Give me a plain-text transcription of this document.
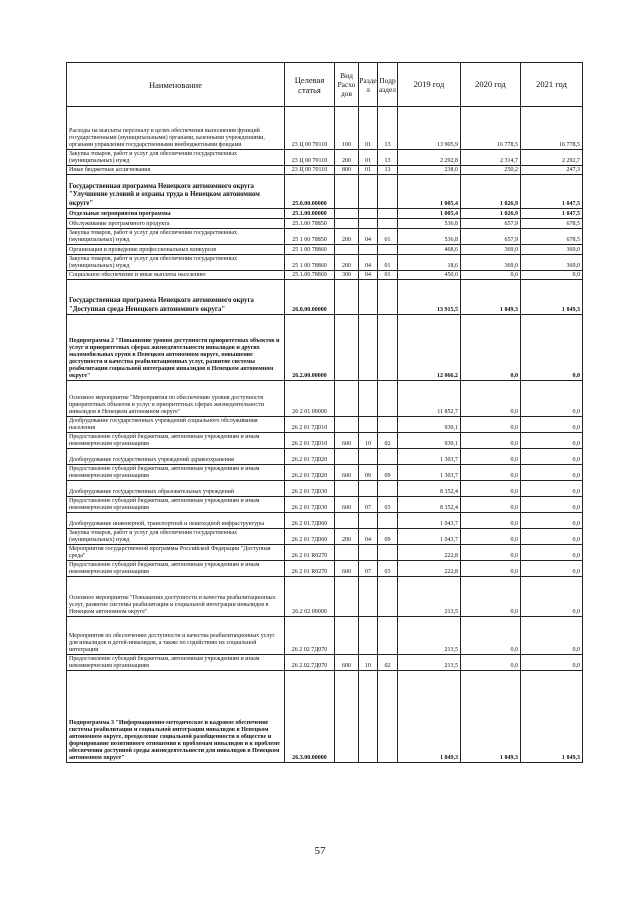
Наименование	Целевая статья	Вид Расхо дов	Разде л	Подр аздел	2019 год	2020 год	2021 год
Расходы на выплаты персоналу в целях обеспечения выполнения функций государственными (муниципальными) органами, казенными учреждениями, органами управления государственными внебюджетными фондами	23 Ц 00 70110	100	01	13	13 905,9	16 778,5	16 778,5
Закупка товаров, работ и услуг для обеспечения государственных (муниципальных) нужд	23 Ц 00 70110	200	01	13	2 292,8	2 314,7	2 292,7
Иные бюджетные ассигнования	23 Ц 00 70110	800	01	13	238,0	250,2	247,3
Государственная программа Ненецкого автономного округа "Улучшение условий и охраны труда в Ненецком автономном округе"	25.0.00.00000				1 005,4	1 026,9	1 047,5
Отдельные мероприятия программы	25.1.00.00000				1 005,4	1 026,9	1 047,5
Обслуживание программного продукта	25.1.00 78850				536,8	657,9	678,5
Закупка товаров, работ и услуг для обеспечения государственных (муниципальных) нужд	25 1 00 78850	200	04	01	536,8	657,9	678,5
Организация и проведение профессиональных конкурсов	25 1 00 78860				468,6	369,0	369,0
Закупка товаров, работ и услуг для обеспечения государственных (муниципальных) нужд	25 1 00 78860	200	04	01	18,6	369,0	369,0
Социальное обеспечение и иные выплаты населению	25.1.00.78860	300	04	01	450,0	0,0	0,0
Государственная программа Ненецкого автономного округа "Доступная среда Ненецкого автономного округа"	26.0.00.00000				13 915,5	1 849,3	1 849,3
Подпрограмма 2 "Повышение уровня доступности приоритетных объектов и услуг в приоритетных сферах жизнедеятельности инвалидов и других маломобильных групп в Ненецком автономном округе, повышение доступности и качества реабилитационных услуг, развитие системы реабилитации социальной интеграции инвалидов в Ненецком автономном округе"	26.2.00.00000				12 066,2	0,0	0,0
Основное мероприятие "Мероприятия по обеспечению уровня доступности приоритетных объектов и услуг в приоритетных сферах жизнедеятельности инвалидов в Ненецком автономном округе"	26 2 01 00000				11 852,7	0,0	0,0
Дообрудование государственных учреждений социального обслуживания населения	26 2 01 7Д010				930,1	0,0	0,0
Предоставление субсидий бюджетным, автономным учреждениям и иным некоммерческим организациям	26 2 01 7Д010	600	10	02	930,1	0,0	0,0
Дооборудование государственных учреждений здравоохранения	26.2 01 7Д020				1 303,7	0,0	0,0
Предоставление субсидий бюджетным, автономным учреждениям и иным некоммерческим организациям	26.2 01 7Д020	600	09	09	1 303,7	0,0	0,0
Дооборудование государственных образовательных учреждений	26 2 01 7Д030				8 352,4	0,0	0,0
Предоставление субсидий бюджетным, автономным учреждениям и иным некоммерческим организациям	26 2 01 7Д030	600	07	03	8 352,4	0,0	0,0
Дооборудование инженерной, транспортной и пешеходной инфраструктуры	26 2 01.7Д060				1 043,7	0,0	0,0
Закупка товаров, работ и услуг для обеспечения государственных (муниципальных) нужд	26 2 01 7Д060	200	04	09	1 043,7	0,0	0,0
Мероприятия государственной программы Российской Федерации "Доступная среда"	26 2 01 R0270				222,8	0,0	0,0
Предоставление субсидий бюджетным, автономным учреждениям и иным некоммерческим организациям	26 2 01 R0270	600	07	03	222,8	0,0	0,0
Основное мероприятие "Повышение доступности и качества реабилитационных услуг, развитие системы реабилитации и социальной интеграции инвалидов в Ненецком автономном округе"	26.2 02 00000				213,5	0,0	0,0
Мероприятия по обеспечению доступности и качества реабилитационных услуг для инвалидов и детей-инвалидов, а также по содействию их социальной интеграции	26 2 02 7Д070				213,5	0,0	0,0
Предоставление субсидий бюджетным, автономным учреждениям и иным некоммерческим организациям	26 2.02.7Д070	600	10	02	213,5	0,0	0,0
Подпрограмма 3 "Информационно-методическое и кадровое обеспечение системы реабилитации и социальной интеграции инвалидов в Ненецком автономном округе, преодоление социальной разобщенности в обществе и формирование позитивного отношения к проблемам инвалидов и к проблеме обеспечения доступной среды жизнедеятельности для инвалидов в Ненецком автономном округе"	26.3.00.00000				1 849,3	1 849,3	1 849,3
57
